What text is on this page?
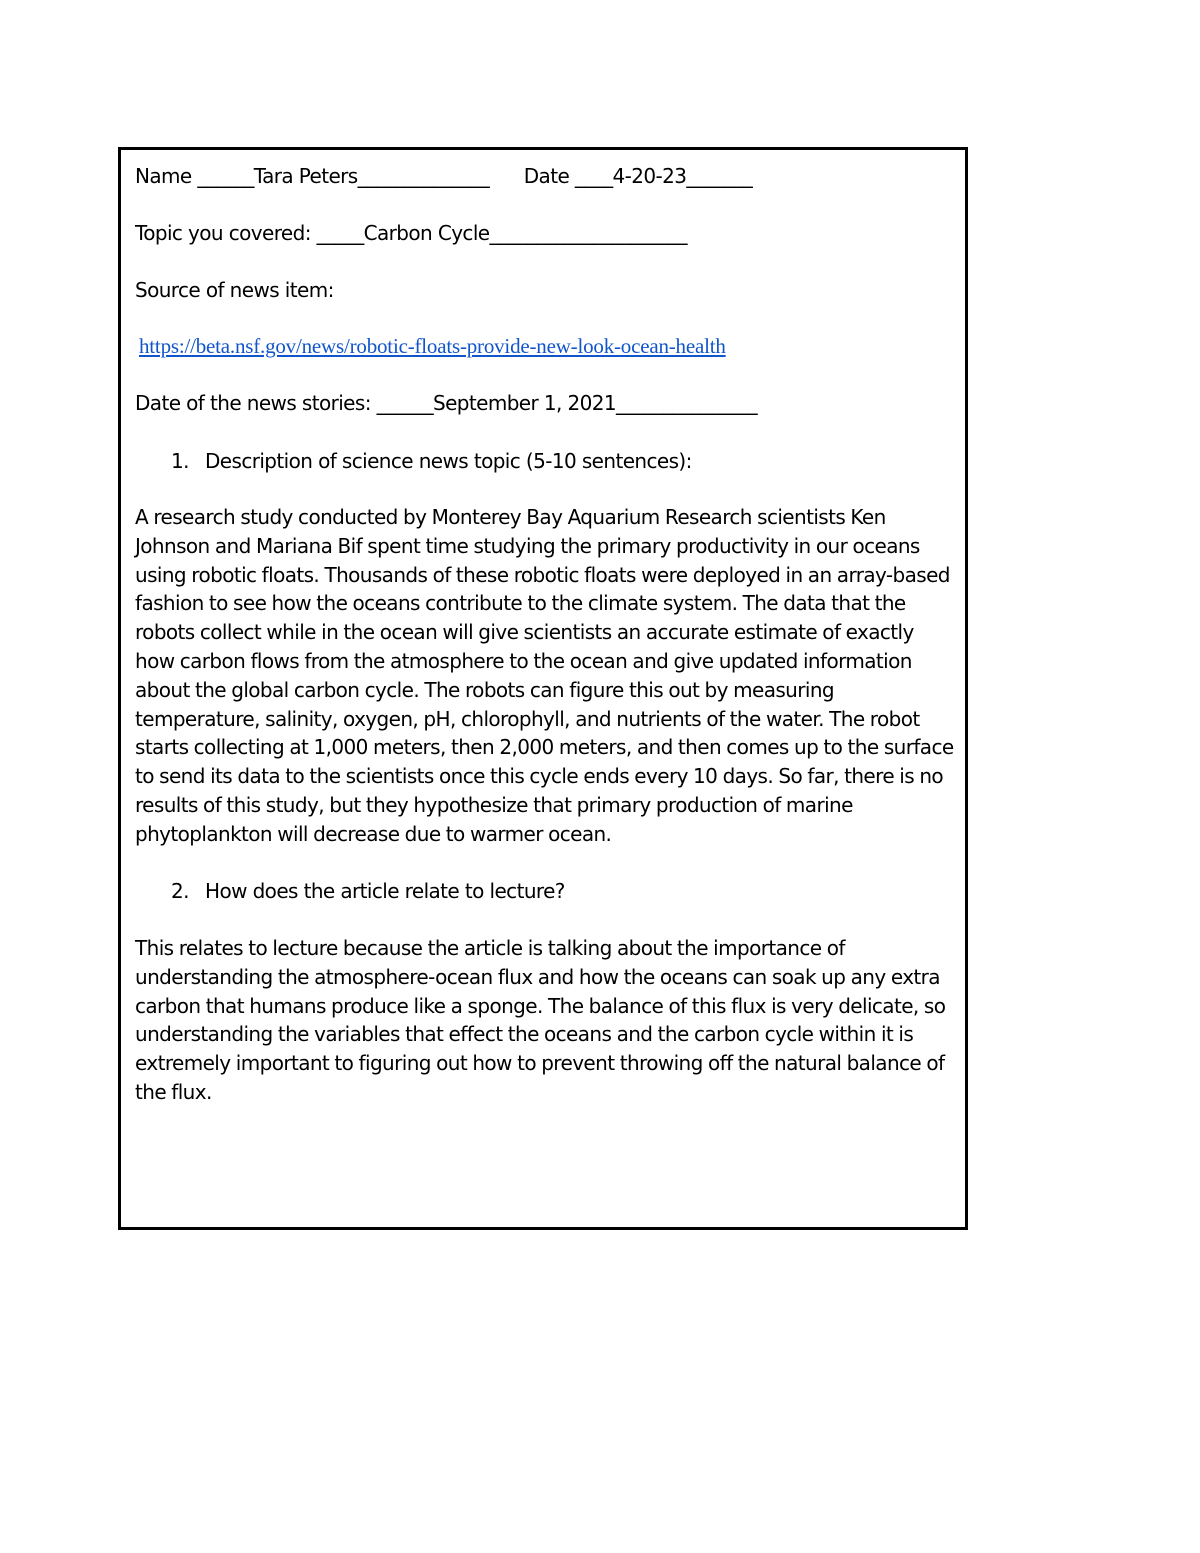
Name ______Tara Peters______________      Date ____4-20-23_______
Topic you covered: _____Carbon Cycle_____________________
Source of news item:
https://beta.nsf.gov/news/robotic-floats-provide-new-look-ocean-health
Date of the news stories: ______September 1, 2021_______________
1. Description of science news topic (5-10 sentences):
A research study conducted by Monterey Bay Aquarium Research scientists Ken Johnson and Mariana Bif spent time studying the primary productivity in our oceans using robotic floats. Thousands of these robotic floats were deployed in an array-based fashion to see how the oceans contribute to the climate system. The data that the robots collect while in the ocean will give scientists an accurate estimate of exactly how carbon flows from the atmosphere to the ocean and give updated information about the global carbon cycle. The robots can figure this out by measuring temperature, salinity, oxygen, pH, chlorophyll, and nutrients of the water. The robot starts collecting at 1,000 meters, then 2,000 meters, and then comes up to the surface to send its data to the scientists once this cycle ends every 10 days. So far, there is no results of this study, but they hypothesize that primary production of marine phytoplankton will decrease due to warmer ocean.
2. How does the article relate to lecture?
This relates to lecture because the article is talking about the importance of understanding the atmosphere-ocean flux and how the oceans can soak up any extra carbon that humans produce like a sponge. The balance of this flux is very delicate, so understanding the variables that effect the oceans and the carbon cycle within it is extremely important to figuring out how to prevent throwing off the natural balance of the flux.
